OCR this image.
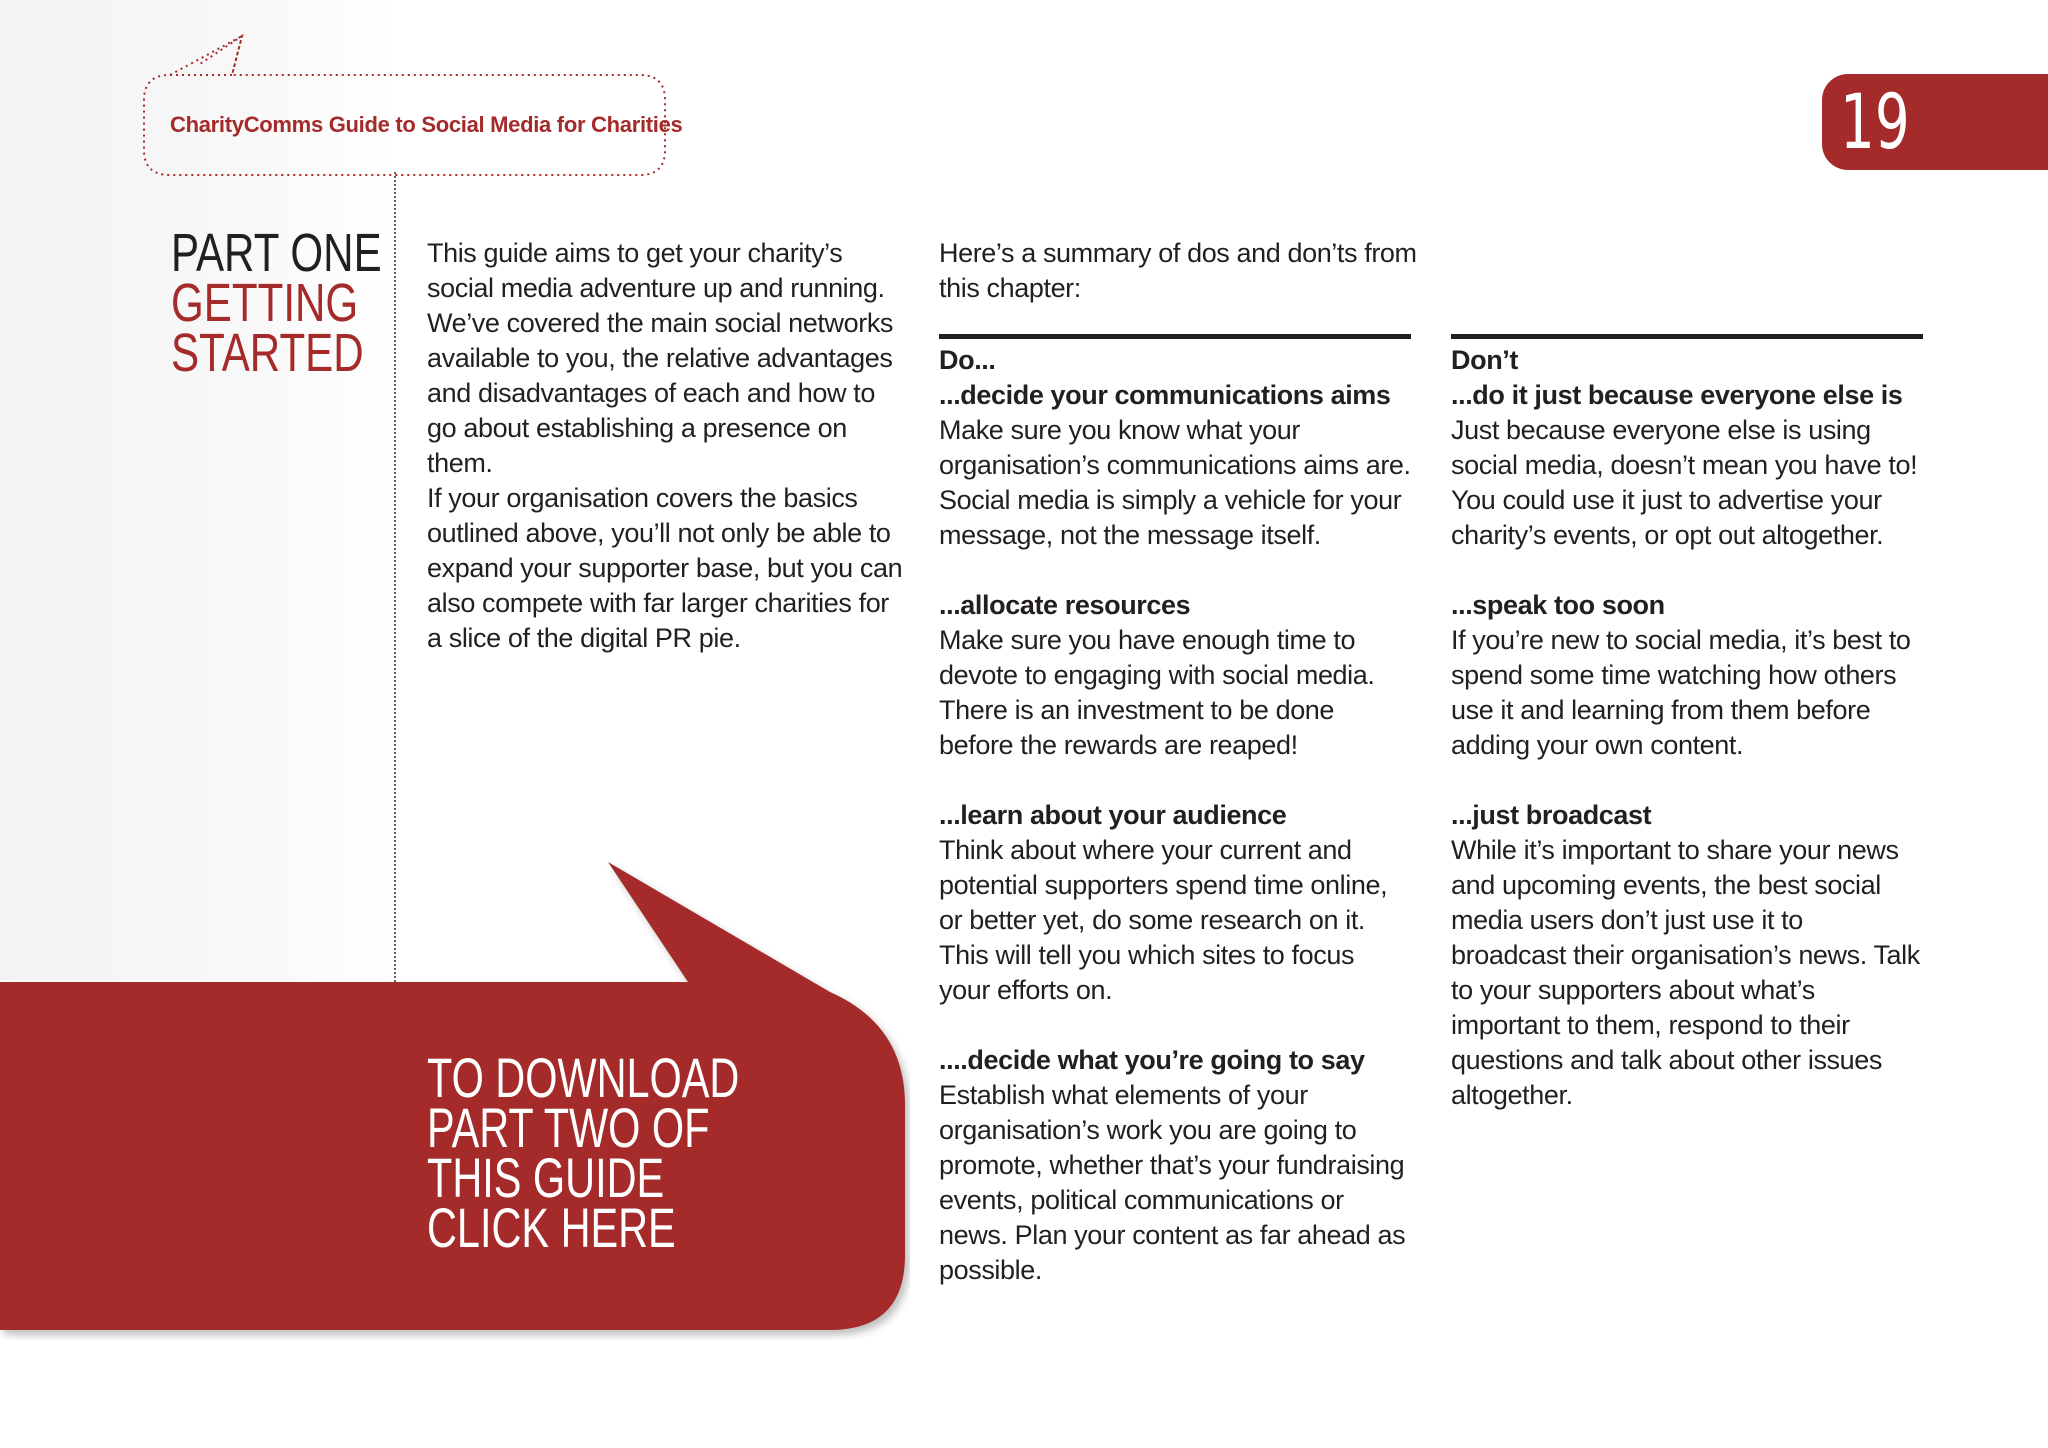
CharityComms Guide to Social Media for Charities	19
PART ONE
GETTING
STARTED

This guide aims to get your charity’s social media adventure up and running. We’ve covered the main social networks available to you, the relative advantages and disadvantages of each and how to go about establishing a presence on them.

If your organisation covers the basics outlined above, you’ll not only be able to expand your supporter base, but you can also compete with far larger charities for a slice of the digital PR pie.

Here’s a summary of dos and don’ts from this chapter:

Do...

...decide your communications aims

Make sure you know what your organisation’s communications aims are. Social media is simply a vehicle for your message, not the message itself.

...allocate resources

Make sure you have enough time to devote to engaging with social media. There is an investment to be done before the rewards are reaped!

...learn about your audience

Think about where your current and potential supporters spend time online, or better yet, do some research on it. This will tell you which sites to focus your efforts on.

....decide what you’re going to say

Establish what elements of your organisation’s work you are going to promote, whether that’s your fundraising events, political communications or news. Plan your content as far ahead as possible.

Don’t

...do it just because everyone else is

Just because everyone else is using social media, doesn’t mean you have to! You could use it just to advertise your charity’s events, or opt out altogether.

...speak too soon

If you’re new to social media, it’s best to spend some time watching how others use it and learning from them before adding your own content.

...just broadcast

While it’s important to share your news and upcoming events, the best social media users don’t just use it to broadcast their organisation’s news. Talk to your supporters about what’s important to them, respond to their questions and talk about other issues altogether.

TO DOWNLOAD
PART TWO OF
THIS GUIDE
CLICK HERE
